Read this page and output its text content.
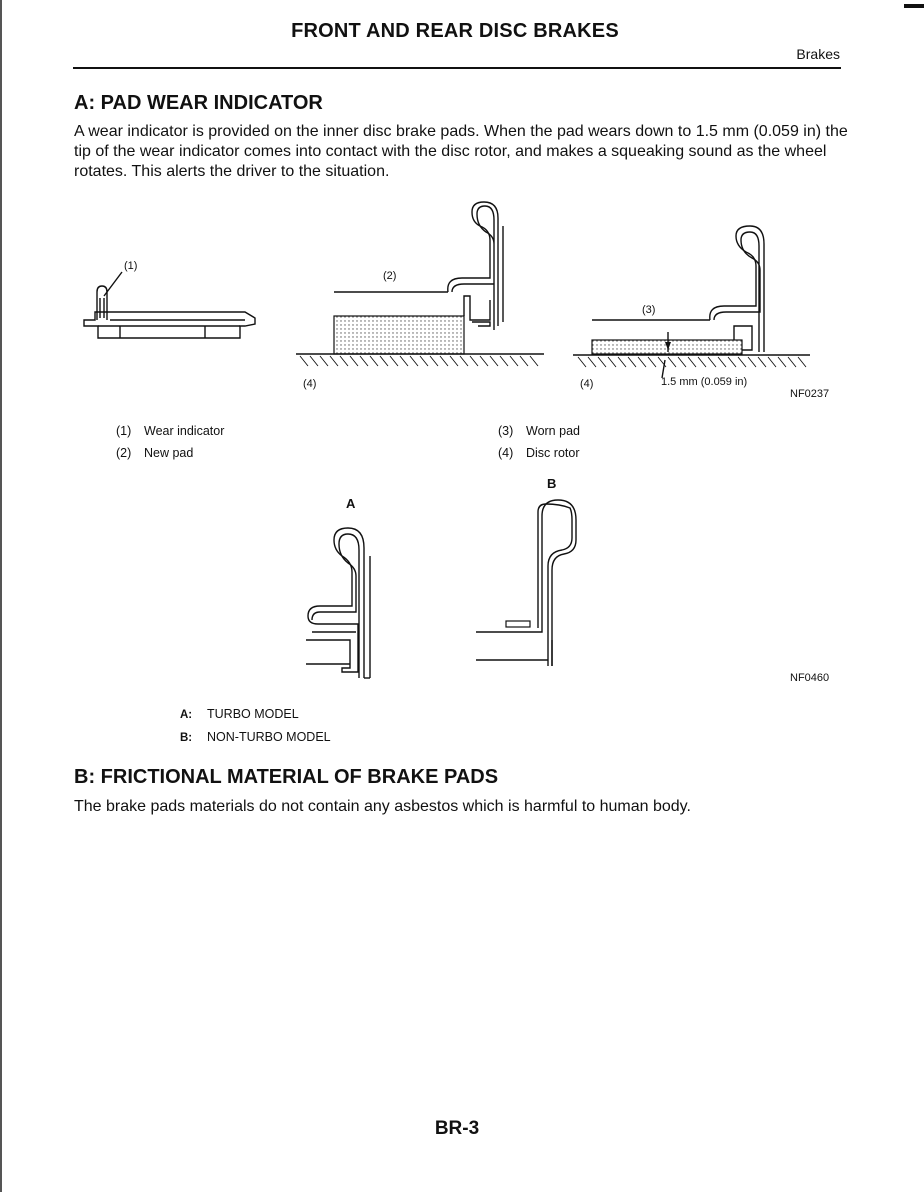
FRONT AND REAR DISC BRAKES
Brakes
A: PAD WEAR INDICATOR
A wear indicator is provided on the inner disc brake pads. When the pad wears down to 1.5 mm (0.059 in) the tip of the wear indicator comes into contact with the disc rotor, and makes a squeaking sound as the wheel rotates. This alerts the driver to the situation.
(1)
(2)
(3)
(4)	(4)	1.5 mm (0.059 in)
NF0237
(1) Wear indicator
(2) New pad
(3) Worn pad
(4) Disc rotor
A
B
NF0460
A: TURBO MODEL
B: NON-TURBO MODEL
B: FRICTIONAL MATERIAL OF BRAKE PADS
The brake pads materials do not contain any asbestos which is harmful to human body.
BR-3
